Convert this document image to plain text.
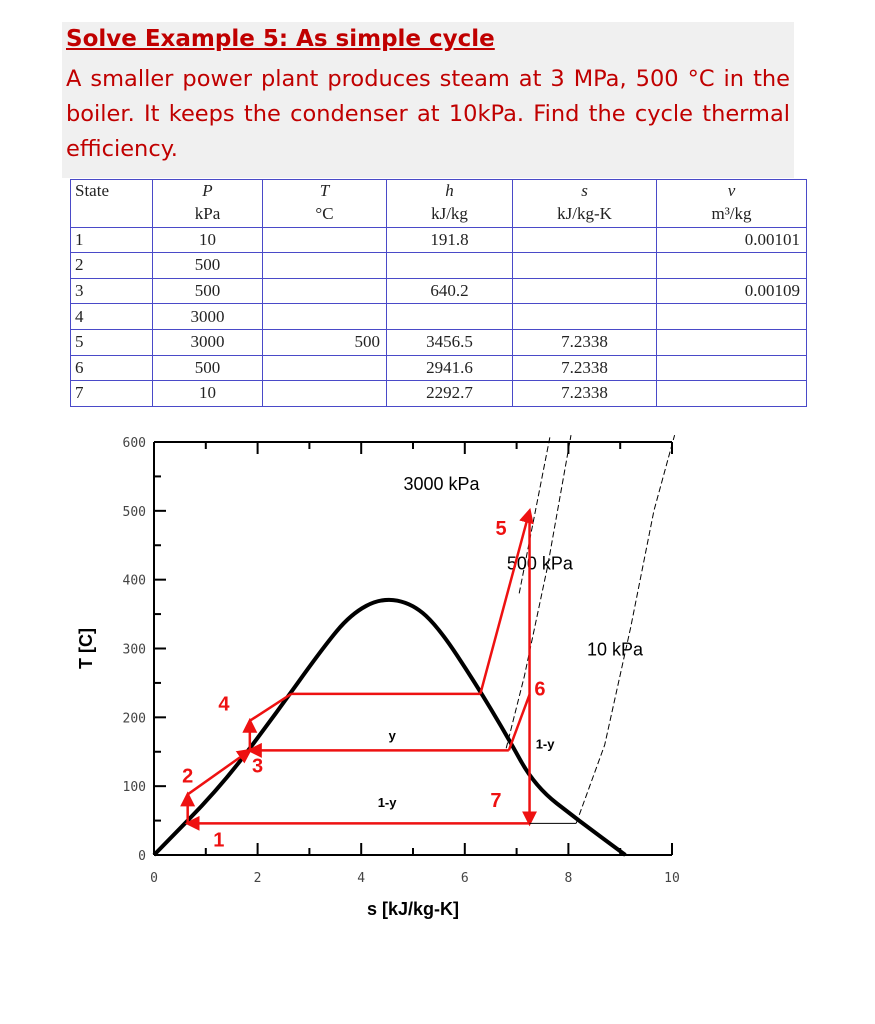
Solve Example 5: As simple cycle

A smaller power plant produces steam at 3 MPa, 500 °C in the boiler. It keeps the condenser at 10kPa. Find the cycle thermal efficiency.

State	P	T	h	s	v
	kPa	°C	kJ/kg	kJ/kg-K	m³/kg
1	10		191.8		0.00101
2	500				
3	500		640.2		0.00109
4	3000				
5	3000	500	3456.5	7.2338	
6	500		2941.6	7.2338	
7	10		2292.7	7.2338	
0	2	4	6	8	10
0
100
200
300
400
500
600
s [kJ/kg-K]
T [C]
3000 kPa
500 kPa
10 kPa
1
2	3
4
5
6
7
y
1-y
1-y
